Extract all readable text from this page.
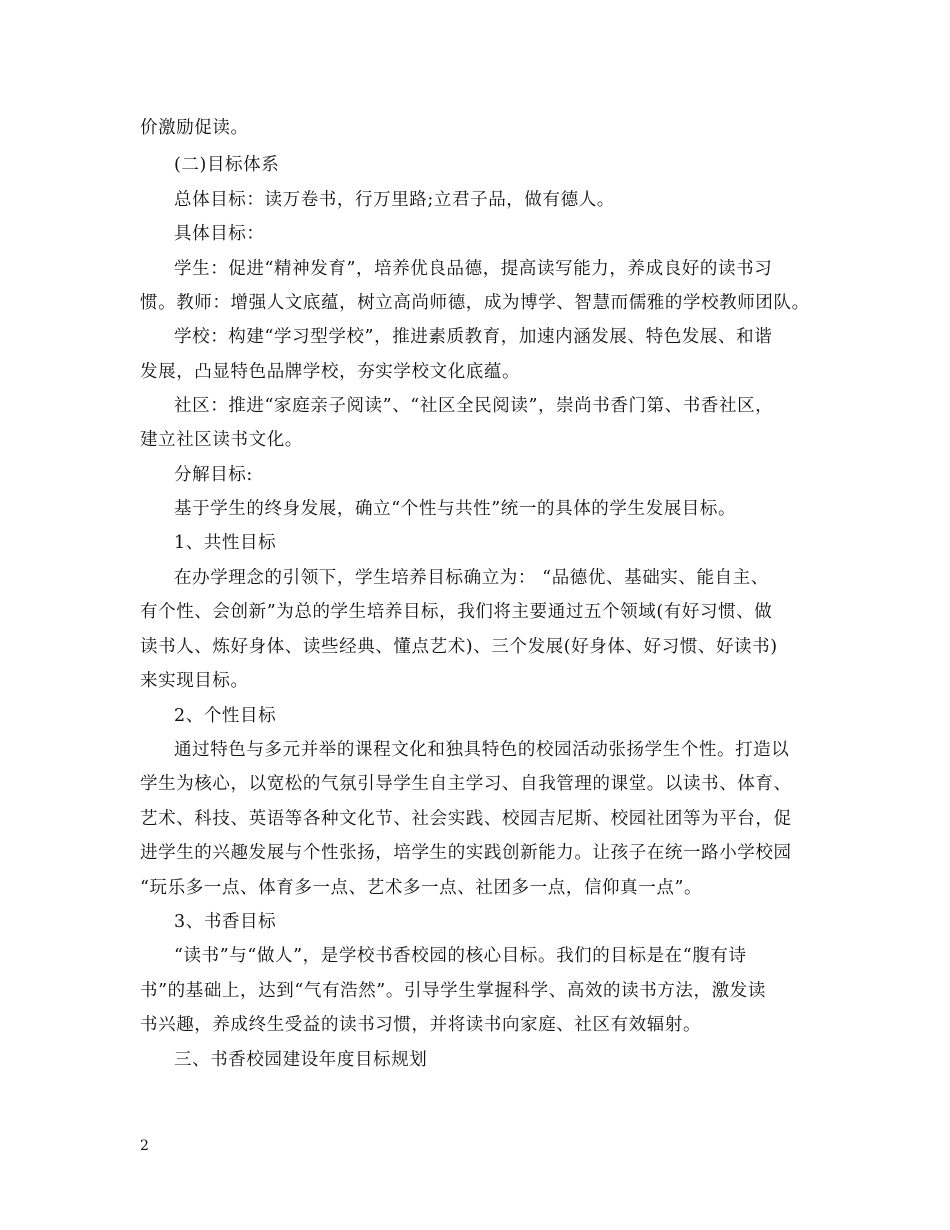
价激励促读。
(二)目标体系
总体目标：读万卷书，行万里路;立君子品，做有德人。
具体目标：
学生：促进“精神发育”，培养优良品德，提高读写能力，养成良好的读书习
惯。教师：增强人文底蕴，树立高尚师德，成为博学、智慧而儒雅的学校教师团队。
学校：构建“学习型学校”，推进素质教育，加速内涵发展、特色发展、和谐
发展，凸显特色品牌学校，夯实学校文化底蕴。
社区：推进“家庭亲子阅读”、“社区全民阅读”，崇尚书香门第、书香社区，
建立社区读书文化。
分解目标:
基于学生的终身发展，确立“个性与共性”统一的具体的学生发展目标。
1、共性目标
在办学理念的引领下，学生培养目标确立为： “品德优、基础实、能自主、
有个性、会创新”为总的学生培养目标，我们将主要通过五个领域(有好习惯、做
读书人、炼好身体、读些经典、懂点艺术)、三个发展(好身体、好习惯、好读书)
来实现目标。
2、个性目标
通过特色与多元并举的课程文化和独具特色的校园活动张扬学生个性。打造以
学生为核心，以宽松的气氛引导学生自主学习、自我管理的课堂。以读书、体育、
艺术、科技、英语等各种文化节、社会实践、校园吉尼斯、校园社团等为平台，促
进学生的兴趣发展与个性张扬，培学生的实践创新能力。让孩子在统一路小学校园
“玩乐多一点、体育多一点、艺术多一点、社团多一点，信仰真一点”。
3、书香目标
“读书”与“做人”，是学校书香校园的核心目标。我们的目标是在“腹有诗
书”的基础上，达到“气有浩然”。引导学生掌握科学、高效的读书方法，激发读
书兴趣，养成终生受益的读书习惯，并将读书向家庭、社区有效辐射。
三、书香校园建设年度目标规划
2
